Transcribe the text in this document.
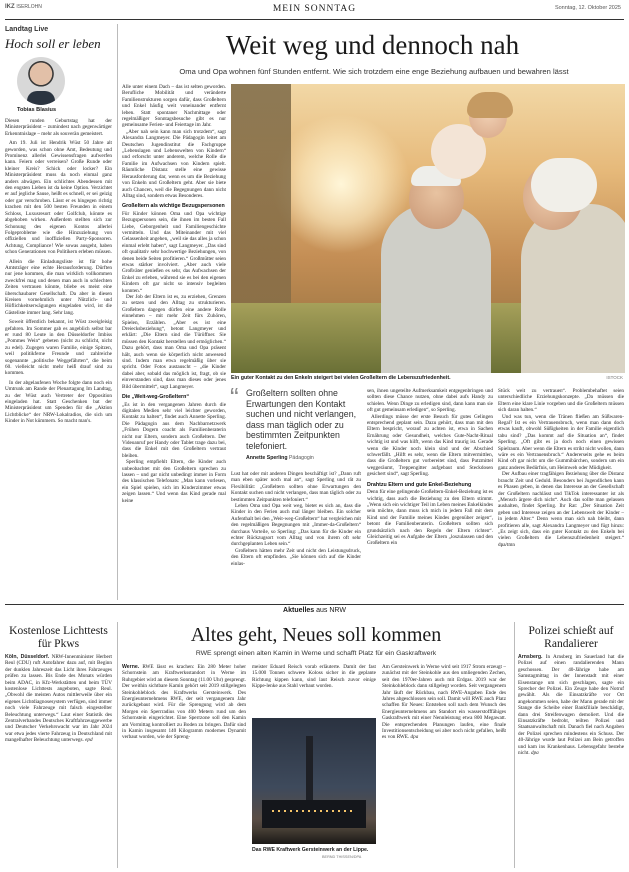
IKZ ISERLOHN	MEIN SONNTAG	Sonntag, 12. Oktober 2025
Landtag Live
Hoch soll er leben
Tobias Blasius

Diesen runden Geburtstag hat der Ministerpräsident – zumindest nach gegenwärtiger Erkenntnislage – mehr als souverän gemeistert.

Am 19. Juli ist Hendrik Wüst 50 Jahre alt geworden, was schon ohne Amt, Bedeutung und Prominenz allerlei Gewissensfragen aufwerfen kann. Feiern oder verreisen? Große Runde oder kleiner Kreis? Schick oder locker? Ein Ministerpräsident muss da noch einmal ganz anders abwägen. Ein schlichtes Abendessen mit den engsten Lieben ist da keine Option. Verzichtet er auf jegliche Sause, heißt es schnell, er sei geizig oder gar verschroben. Lässt er es hingegen richtig krachen mit den 500 besten Freunden in einem Schloss, Luxusresort oder Golfclub, könnte es abgehoben wirken. Außerdem stellten sich zur Schonung des eigenen Kontos allerlei Folgeprobleme wie die Hinzuziehung von offiziellen und inoffiziellen Party-Sponsoren. Achtung, Compliance! Wie sowas ausgeht, haben schon Generationen von Politikern erleben müssen.

Allein die Einladungsliste ist für hohe Amtsträger eine echte Herausforderung. Dürften nur jene kommen, die man wirklich vollkommen zweckfrei mag und denen man auch in schlechten Zeiten vertrauen könnte, bliebe es meist eine überschaubarer Gesellschaft. Da aber in diesen Kreisen vornehmlich unter Nützlich- und Höflichkeitserwägungen eingeladen wird, ist die Gästeliste immer lang. Sehr lang.

Soweit öffentlich bekannt, ist Wüst zweigleisig gefahren. Im Sommer gab es angeblich selbst bar er rund 80 Leute in den Düsseldorfer Imbiss „Pommes Wein“ gebeten (nicht zu schlicht, nicht zu edel). Zugegen waren Familie, einige Spitzen, weil politikferne Freunde und zahlreiche sogenannte „politische Weggefährten“, die beim 60. vielleicht nicht mehr heiß drauf sind zu kommen.

In der abgelaufenen Woche folgte dann noch ein Umtrunk am Rande der Plenartagung Im Landtag, zu der Wüst auch Vertreter der Opposition eingeladen hat. Statt Geschenken bat der Ministerpräsident um Spenden für die „Aktion Lichtblicke“ der NRW-Lokalradios, die sich um Kinder in Not kümmern. So macht man's.

Weit weg und dennoch nah
Oma und Opa wohnen fünf Stunden entfernt. Wie sich trotzdem eine enge Beziehung aufbauen und bewahren lässt

Alle unter einem Dach – das ist selten geworden. Berufliche Mobilität und veränderte Familienstrukturen sorgen dafür, dass Großeltern und Enkel häufig weit voneinander entfernt leben. Statt spontaner Nachmittage oder regelmäßiger Sonntagsbesuche gibt es nur gemeinsame Ferien- und Feiertage im Jahr.

„Aber nah sein kann man sich trotzdem“, sagt Alexandra Langmeyer. Die Pädagogin leitet am Deutschen Jugendinstitut die Fachgruppe „Lebenslagen und Lebenswelten von Kindern“ und erforscht unter anderem, welche Rolle die Familie im Aufwachsen von Kindern spielt. Räumliche Distanz stelle eine gewisse Herausforderung dar, wenn es um die Beziehung von Enkeln und Großeltern geht. Aber sie biete auch Chancen, weil die Begegnungen dann nicht Alltag sind, sondern etwas Besonderes.

Großeltern als wichtige Bezugspersonen

Für Kinder können Oma und Opa wichtige Bezugspersonen sein, die ihnen im besten Fall Liebe, Geborgenheit und Familiengeschichte vermitteln. Und das Miteinander mit viel Gelassenheit angehen, „weil sie das alles ja schon einmal erlebt haben“, sagt Langmeyer. „Das sind oft qualitativ sehr hochwertige Beziehungen, von denen beide Seiten profitieren.“ Großmütter seien etwas stärker involviert. „Aber auch viele Großväter genießen es sehr, das Aufwachsen der Enkel zu erleben, während sie es bei den eigenen Kindern oft gar nicht so intensiv begleiten konnten.“

Der Job der Eltern ist es, zu erziehen, Grenzen zu setzen und den Alltag zu strukturieren. Großeltern dagegen dürfen eine andere Rolle einnehmen – mit mehr Zeit fürs Zuhören, Spielen, Erzählen. „Aber es ist eine Dreiecksbeziehung“, betont Langmeyer und erklärt: „Die Eltern sind die Türöffner. Sie müssen den Kontakt herstellen und ermöglichen.“ Dazu gehört, dass man Oma und Opa präsent hält, auch wenn sie körperlich nicht anwesend sind. Indem man etwa regelmäßig über sie spricht. Oder Fotos austauscht – „die Kinder dabei aber, sobald das möglich ist, fragt, ob sie einverstanden sind, dass man dieses oder jenes Bild übermittelt“, sagt Langmeyer.

Die „Weit-weg-Großeltern“

„Es ist in den vergangenen Jahren durch die digitalen Medien sehr viel leichter geworden, Kontakt zu halten“, findet auch Annette Sperling. Die Pädagogin aus dem Nachbarnetzwerk „Frühen Dogern coacht als Familienberaterin nicht nur Eltern, sondern auch Großeltern. Der Videoanruf per Handy oder Tablet trage dazu bei, dass die Enkel mit den Großeltern vertraut bleiben.

Sperling empfiehlt Eltern, die Kinder auch unbeobachtet mit den Großeltern sprechen zu lassen – und gar nicht unbedingt immer in Form des klassischen Telefonats: „Man kann vorlesen, ein Spiel spielen, sich im Kinderzimmer etwas zeigen lassen.“ Und wenn das Kind gerade mal keine

Ein guter Kontakt zu den Enkeln steigert bei vielen Großeltern die Lebenszufriedenheit.	ISTOCK
“ Großeltern sollten ohne Erwartungen den Kontakt suchen und nicht verlangen, dass man täglich oder zu bestimmten Zeitpunkten telefoniert.
Annette Sperling Pädagogin

Lust hat oder mit anderen Dingen beschäftigt ist? „Dann ruft man eben später noch mal an“, sagt Sperling und rät zu Flexibilität: „Großeltern sollten ohne Erwartungen den Kontakt suchen und nicht verlangen, dass man täglich oder zu bestimmten Zeitpunkten telefoniert.“

Leben Oma und Opa weit weg, bietet es sich an, dass die Kinder in den Ferien auch mal länger bleiben. Ein solcher Aufenthalt bei den „Weit-weg-Großeltern“ hat vergleichen mit den regelmäßigen Begegnungen mit „Immer-da-Großeltern“ durchaus Vorteile, so Sperling: „Das kann für die Kinder ein echter Rückzugsort vom Alltag und von ihrem oft sehr durchgeplanten Leben sein.“

Großeltern hätten mehr Zeit und nicht den Leistungsdruck, den Eltern oft empfinden. „Sie können sich auf die Kinder einlas-

sen, ihnen ungeteilte Aufmerksamkeit entgegenbringen und sollten diese Chance nutzen, ohne dabei aufs Handy zu schielen. Wenn Dinge zu erledigen sind, dann kann man sie oft gut gemeinsam erledigen“, so Sperling.

Allerdings müsse der erste Besuch für gutes Gelingen entsprechend geplant sein. Dazu gehört, dass man mit den Eltern bespricht, worauf zu achten ist, etwa in Sachen Ernährung oder Gesundheit, welches Gute-Nacht-Ritual wichtig ist und was hilft, wenn das Kind traurig ist. Gerade wenn die Kinder noch klein sind und der Abschied schwerfällt. „Hilft es sehr, wenn die Eltern mitvermittlen, dass die Großeltern gut vorbereitet sind, dass Putzmittel weggeräumt, Treppengitter aufgebaut und Steckdosen gesichert sind“, sagt Sperling.

Drahtzu Eltern und gute Enkel-Beziehung

Denn für eine gelingende Großeltern-Enkel-Beziehung ist es wichtig, dass auch die Beziehung zu den Eltern stimmt. „Wenn sich ein wichtiger Teil im Leben meines Enkelkindes sein möchte, dann muss ich mich in jedem Fall mit dem Kind und der Familie meines Kindes gegenüber zeigen“, betont die Familienberaterin. Großeltern sollten sich grundsätzlich nach den Regeln der Eltern richten“. Gleichzeitig sei es Aufgabe der Eltern „loszulassen und den Großeltern ein

Stück weit zu vertrauen“. Problembehaftet seien unterschiedliche Erziehungskonzepte. „Da müssen die Eltern eine klare Linie vorgeben und die Großeltern müssen sich daran halten.“

Und was tun, wenn die Tränen fließen am Süßwaren-Regal? Ist es ein Vertrauensbruch, wenn man dann doch etwas kauft, obwohl Süßigkeiten in der Familie eigentlich tabu sind? „Das kommt auf die Situation an“, findet Sperling. „Oft gibt es ja doch noch einen gewissen Spielraum. Aber wenn die Eltern es strikt nicht wollen, dann wäre es ein Vertrauensbruch.“ Andererseits gehe es beim Kind oft gar nicht um die Gummibärchen, sondern um ein ganz anderes Bedürfnis, um Heimweh oder Müdigkeit.

Der Aufbau einer tragfähigen Beziehung über die Distanz braucht Zeit und Geduld. Besonders bei Jugendlichen kann es Phasen geben, in denen das Interesse an der Gesellschaft der Großeltern nachlässt und TikTok interessanter ist als „Mensch ärgere dich nicht“. Auch das sollte man gelassen aushalten, findet Sperling. Ihr Rat: „Der Situation Zeit geben und Interesse zeigen an der Lebenswelt der Kinder – in jedem Alter.“ Denn wenn man sich nah bleibt, dann profitieren alle, sagt Alexandra Langmeyer und fügt hinzu: „Es zeigt sich, dass ein guter Kontakt zu den Enkeln bei vielen Großeltern die Lebenszufriedenheit steigert.“ dpa/tmn

Aktuelles aus NRW
Kostenlose Lichttests für Pkws
Köln, Düsseldorf. NRW-Innenminister Herbert Reul (CDU) ruft Autofahrer dazu auf, mit Beginn der dunklen Jahreszeit das Licht ihres Fahrzeuges prüfen zu lassen. Bis Ende des Monats würden beim ADAC, in Kfz-Werkstätten und beim TÜV kostenlose Lichttests angeboten, sagte Reul. „Obwohl die meisten Autos mittlerweile über ein eigenes Lichtdiagnosesystem verfügen, sind immer noch viele Fahrzeuge mit falsch eingestellter Beleuchtung unterwegs.“ Laut einer Statistik des Zentralverbandes Deutsches Kraftfahrzeuggewerbe und Deutscher Verkehrswacht war im Jahr 2024 war etwa jedes vierte Fahrzeug in Deutschland mit mangelhafter Beleuchtung unterwegs. epd
Altes geht, Neues soll kommen
RWE sprengt einen alten Kamin in Werne und schafft Platz für ein Gaskraftwerk
Werne. RWE lässt es krachen: Ein 280 Meter hoher Schornstein am Kraftwerksstandort in Werne im Ruhrgebiet wird an diesem Sonntag (11.00 Uhr) gesprengt. Der weithin sichtbare Kamin gehört seit 2019 stillgelegten Steinkohleblock des Kraftwerks Gersteinwerk. Des Energieunternehmens RWE, der seit vergangenem Jahr zurückgebaut wird. Für die Sprengung wird ab dem Morgen ein Sperrradius von 400 Metern rund um den Schornstein eingerichtet. Eine Sperrzone soll den Kamin am Vormittag kontrolliert zu Boden zu bringen. Dafür sind in Kamin insgesamt 140 Kilogramm modernes Dynamit verbaut worden, wie der Spreng-
meister Eduard Reisch vorab erläuterte. Damit der fast 15.000 Tonnen schwere Koloss sicher in die geplante Richtung kippen kann, sind laut Reisch zuvor einige Kippe-lenke aus Stahl verbaut worden.
Das RWE Kraftwerk Gersteinwerk an der Lippe.
BERND THISSEN/DPA
Am Gersteinwerk in Werne wird seit 1917 Strom erzeugt – zunächst mit der Steinkohle aus den umliegenden Zechen, seit den 1970er-Jahren auch mit Erdgas. 2019 war der Steinkohleblock dann stillgelegt worden. Seit vergangenem Jahr läuft der Rückbau, nach RWE-Angaben Ende des Jahres abgeschlossen sein soll. Damit will RWE auch Platz schaffen für Neues: Entstehen soll nach dem Wunsch des Energieunternehmens am Standort ein wasserstofffähiges Gaskraftwerk mit einer Nennleistung etwa 800 Megawatt. Die entsprechenden Planungen laufen, eine finale Investitionsentscheidung sei aber noch nicht gefallen, heißt es von RWE. dpa
Polizei schießt auf Randalierer
Arnsberg. In Arnsberg im Sauerland hat die Polizei auf einen randalierenden Mann geschossen. Der 40-Jährige habe am Samstagmittag in der Innenstadt mit einer Eisenstange um sich geschlagen, sagte ein Sprecher der Polizei. Ein Zeuge habe den Notruf gewählt. Als die Einsatzkräfte vor Ort angekommen seien, habe der Mann gerade mit der Stange die Scheibe einer Bankfiliale beschädigt, dann drei Streifenwagen demoliert. Und die Einsatzkräfte bedroht, teilten Polizei und Staatsanwaltschaft mit. Danach fiel nach Angaben der Polizei sprechen mindestens ein Schuss. Der 40-Jährige wurde laut Polizei am Bein getroffen und kam ins Krankenhaus. Lebensgefahr bestehe nicht. dpa
